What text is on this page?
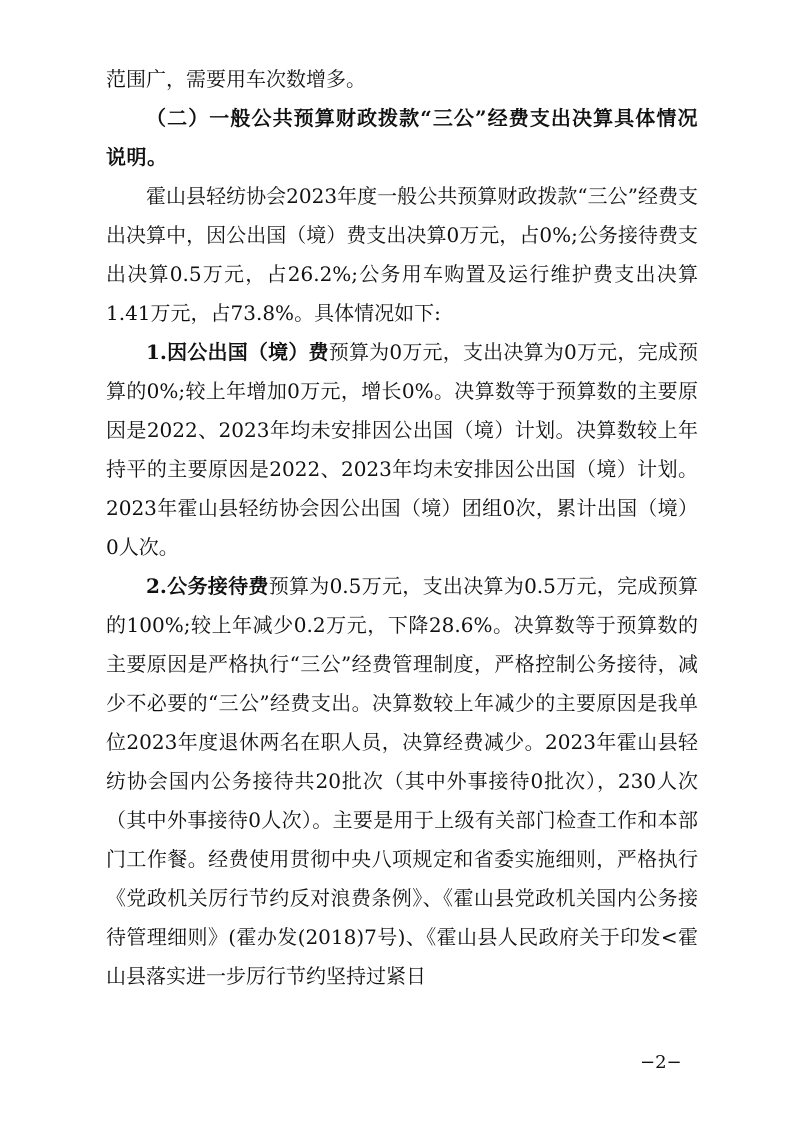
范围广，需要用车次数增多。

（二）一般公共预算财政拨款“三公”经费支出决算具体情况说明。

霍山县轻纺协会2023年度一般公共预算财政拨款“三公”经费支出决算中，因公出国（境）费支出决算0万元，占0%;公务接待费支出决算0.5万元，占26.2%;公务用车购置及运行维护费支出决算1.41万元，占73.8%。具体情况如下:

1.因公出国（境）费预算为0万元，支出决算为0万元，完成预算的0%;较上年增加0万元，增长0%。决算数等于预算数的主要原因是2022、2023年均未安排因公出国（境）计划。决算数较上年持平的主要原因是2022、2023年均未安排因公出国（境）计划。2023年霍山县轻纺协会因公出国（境）团组0次，累计出国（境）0人次。

2.公务接待费预算为0.5万元，支出决算为0.5万元，完成预算的100%;较上年减少0.2万元，下降28.6%。决算数等于预算数的主要原因是严格执行“三公”经费管理制度，严格控制公务接待，减少不必要的“三公”经费支出。决算数较上年减少的主要原因是我单位2023年度退休两名在职人员，决算经费减少。2023年霍山县轻纺协会国内公务接待共20批次（其中外事接待0批次），230人次（其中外事接待0人次）。主要是用于上级有关部门检查工作和本部门工作餐。经费使用贯彻中央八项规定和省委实施细则，严格执行《党政机关厉行节约反对浪费条例》、《霍山县党政机关国内公务接待管理细则》(霍办发(2018)7号)、《霍山县人民政府关于印发<霍山县落实进一步厉行节约坚持过紧日

−2−
